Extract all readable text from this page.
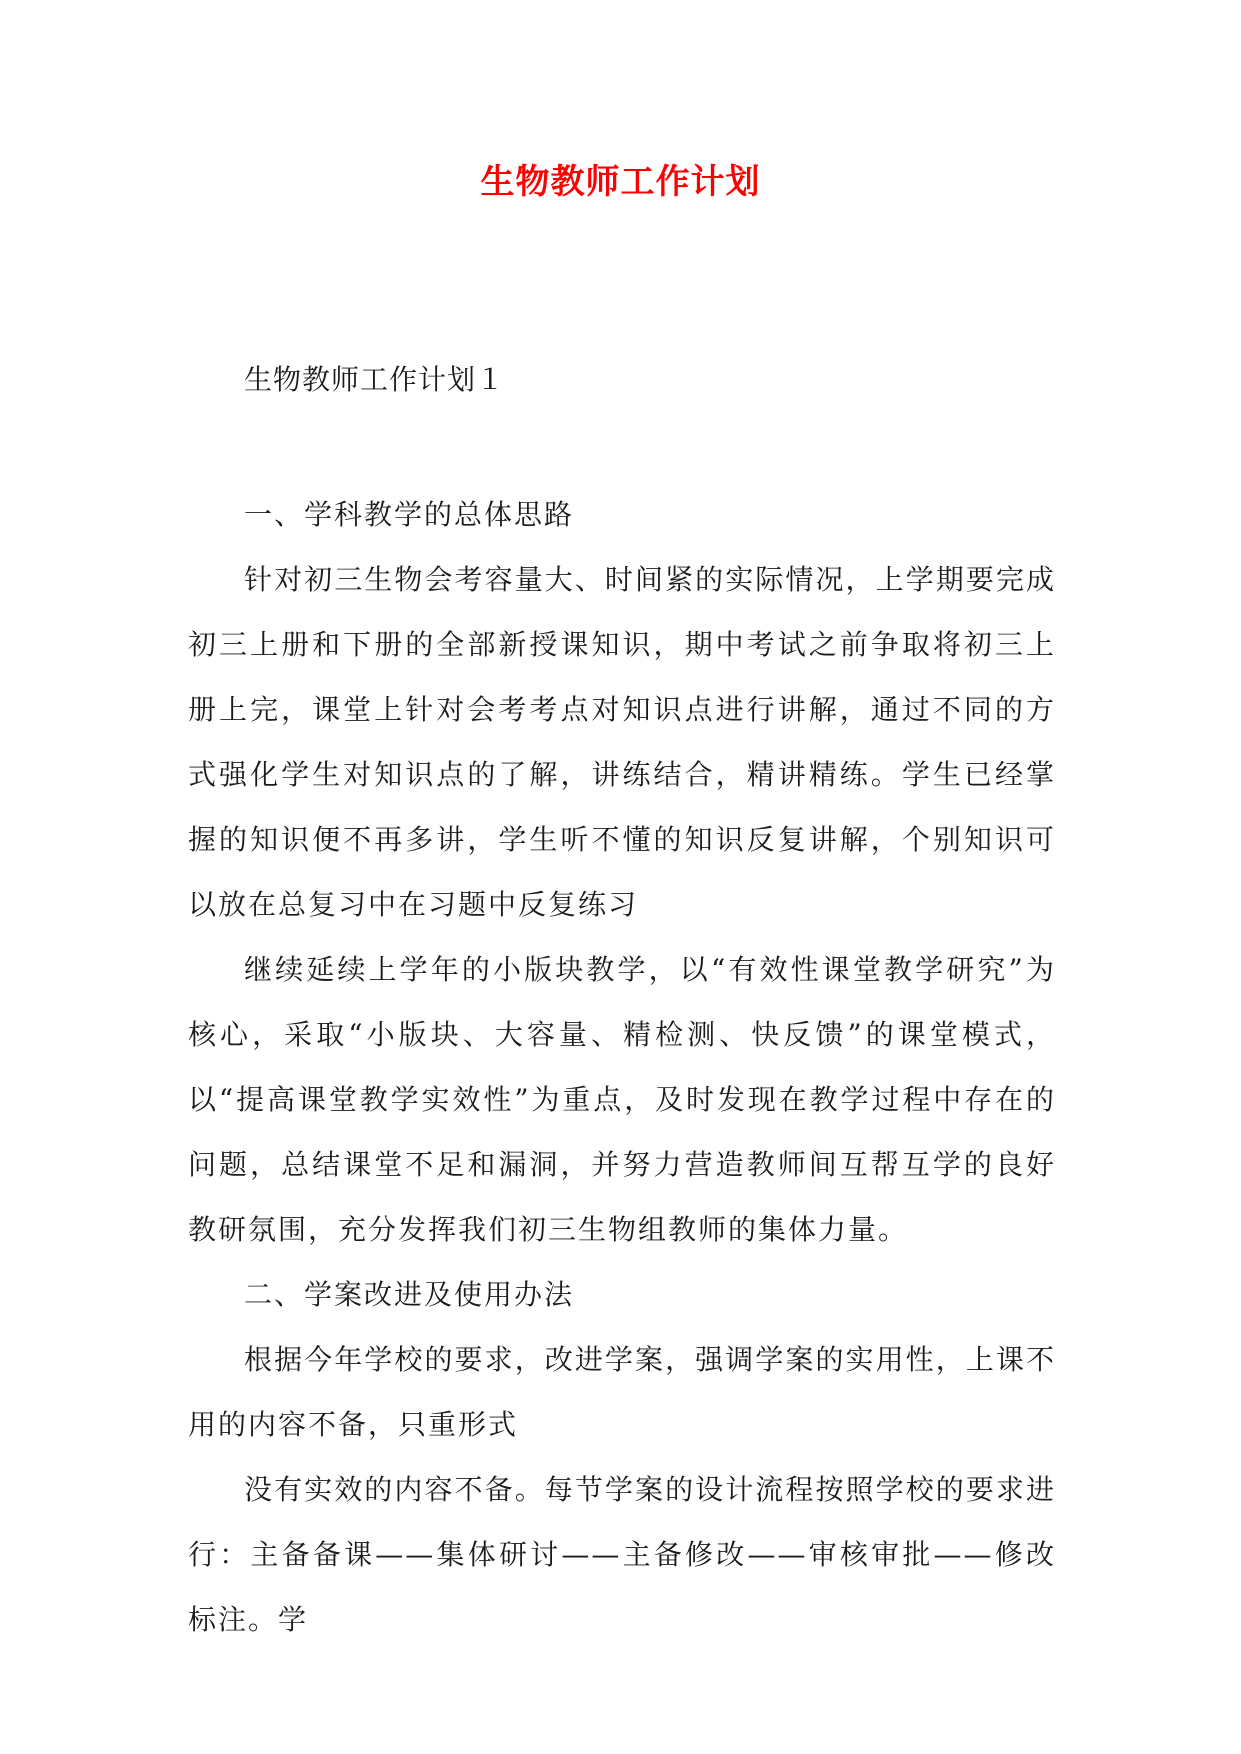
生物教师工作计划
生物教师工作计划１

一、学科教学的总体思路

针对初三生物会考容量大、时间紧的实际情况，上学期要完成初三上册和下册的全部新授课知识，期中考试之前争取将初三上册上完，课堂上针对会考考点对知识点进行讲解，通过不同的方式强化学生对知识点的了解，讲练结合，精讲精练。学生已经掌握的知识便不再多讲，学生听不懂的知识反复讲解，个别知识可以放在总复习中在习题中反复练习

继续延续上学年的小版块教学，以“有效性课堂教学研究”为核心，采取“小版块、大容量、精检测、快反馈”的课堂模式，以“提高课堂教学实效性”为重点，及时发现在教学过程中存在的问题，总结课堂不足和漏洞，并努力营造教师间互帮互学的良好教研氛围，充分发挥我们初三生物组教师的集体力量。

二、学案改进及使用办法

根据今年学校的要求，改进学案，强调学案的实用性，上课不用的内容不备，只重形式

没有实效的内容不备。每节学案的设计流程按照学校的要求进行：主备备课——集体研讨——主备修改——审核审批——修改标注。学
